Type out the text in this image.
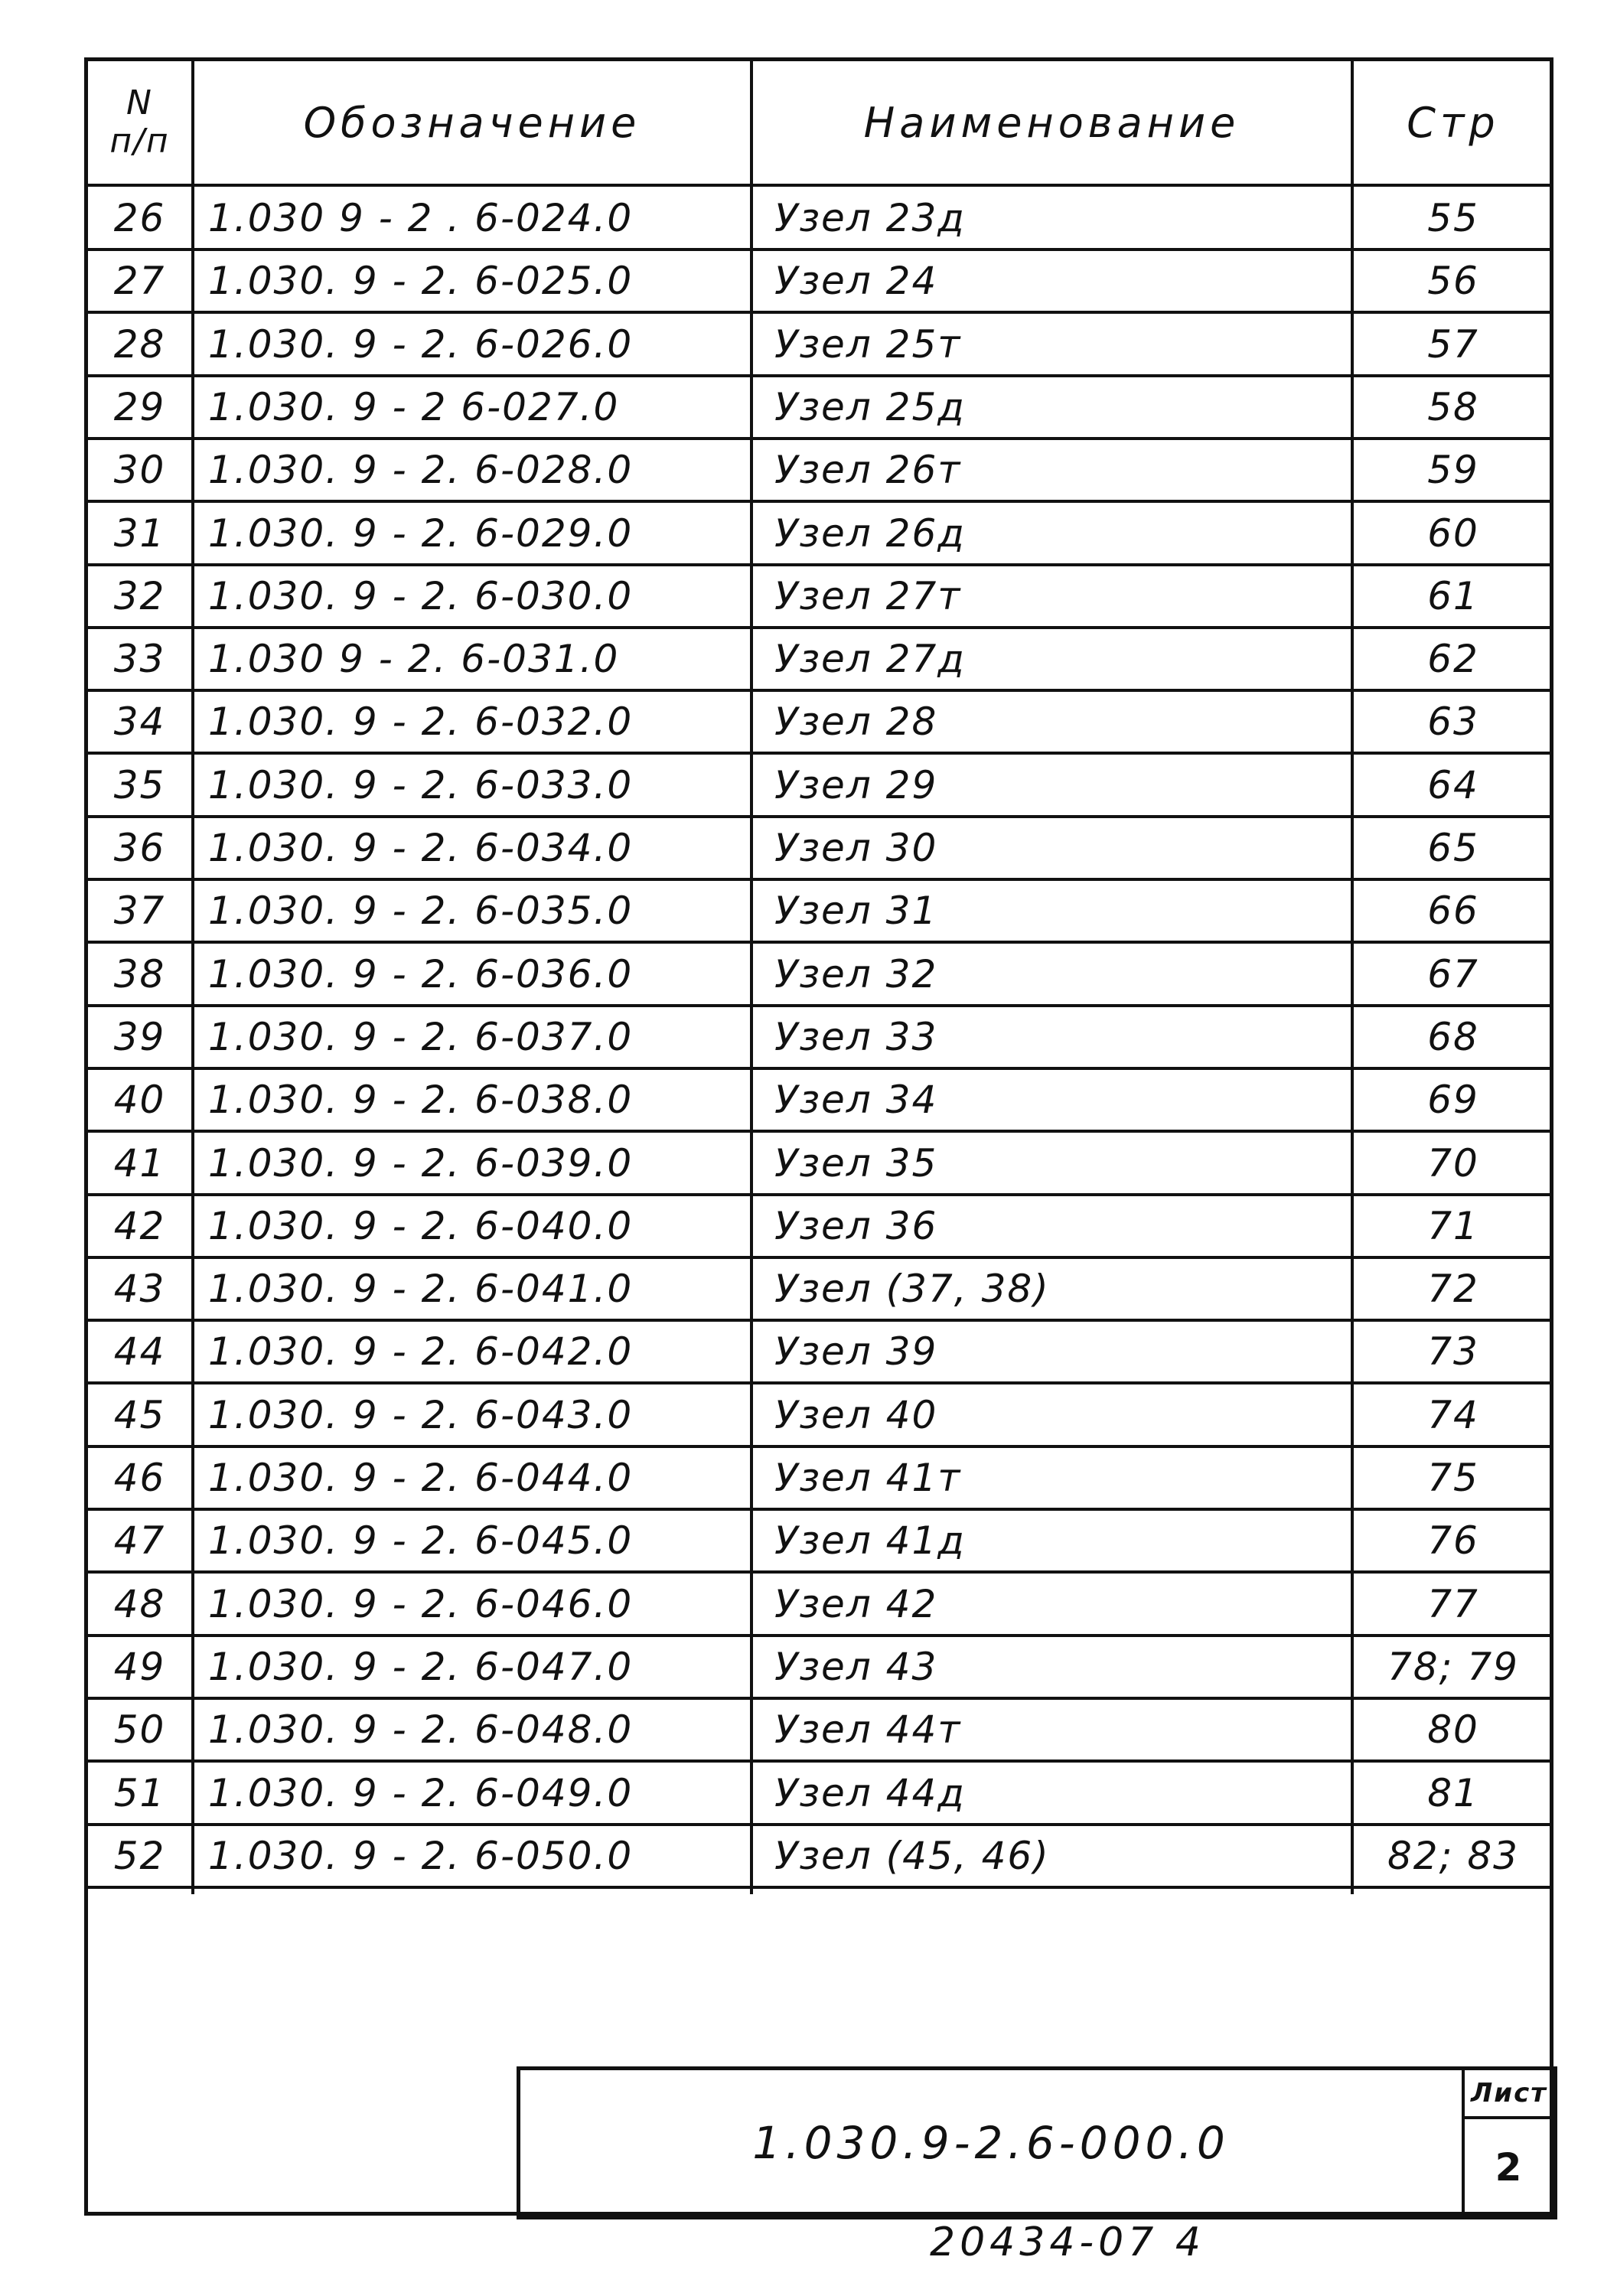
N
п/п	Обозначение	Наименование	Стр
26	1.030 9 - 2 . 6-024.0	Узел 23д	55
27	1.030. 9 - 2. 6-025.0	Узел 24	56
28	1.030. 9 - 2. 6-026.0	Узел 25т	57
29	1.030. 9 - 2 6-027.0	Узел 25д	58
30	1.030. 9 - 2. 6-028.0	Узел 26т	59
31	1.030. 9 - 2. 6-029.0	Узел 26д	60
32	1.030. 9 - 2. 6-030.0	Узел 27т	61
33	1.030 9 - 2. 6-031.0	Узел 27д	62
34	1.030. 9 - 2. 6-032.0	Узел 28	63
35	1.030. 9 - 2. 6-033.0	Узел 29	64
36	1.030. 9 - 2. 6-034.0	Узел 30	65
37	1.030. 9 - 2. 6-035.0	Узел 31	66
38	1.030. 9 - 2. 6-036.0	Узел 32	67
39	1.030. 9 - 2. 6-037.0	Узел 33	68
40	1.030. 9 - 2. 6-038.0	Узел 34	69
41	1.030. 9 - 2. 6-039.0	Узел 35	70
42	1.030. 9 - 2. 6-040.0	Узел 36	71
43	1.030. 9 - 2. 6-041.0	Узел (37, 38)	72
44	1.030. 9 - 2. 6-042.0	Узел 39	73
45	1.030. 9 - 2. 6-043.0	Узел 40	74
46	1.030. 9 - 2. 6-044.0	Узел 41т	75
47	1.030. 9 - 2. 6-045.0	Узел 41д	76
48	1.030. 9 - 2. 6-046.0	Узел 42	77
49	1.030. 9 - 2. 6-047.0	Узел 43	78; 79
50	1.030. 9 - 2. 6-048.0	Узел 44т	80
51	1.030. 9 - 2. 6-049.0	Узел 44д	81
52	1.030. 9 - 2. 6-050.0	Узел (45, 46)	82; 83
1.030.9-2.6-000.0
Лист
2
20434-07 4
